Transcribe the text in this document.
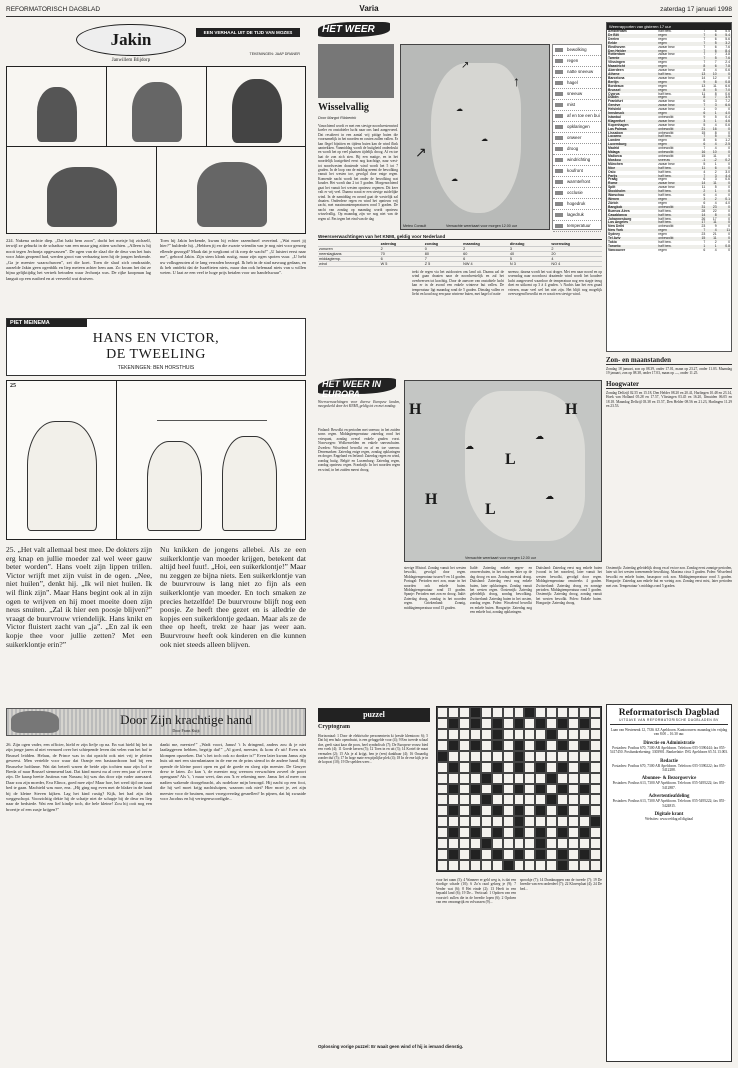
REFORMATORISCH DAGBLAD	Varia	zaterdag 17 januari 1998
Jakin
Janwillem Blijdorp
EEN VERHAAL UIT DE TIJD VAN MOZES
TEKENINGEN: JAAP DRANER
224. Nakena rachtte diep. „Dat hakt hem zoon”, dacht het meisje bij zichzelf, terwijl ze gehurkt in de schaduw van een muur ging zitten wachten. „Alleen is hij nooit tegen Jechonja opgewassen”. De ogen van de slaaf die de deur van het huis voor Jakin geopend had, werden groot van verbazing toen hij de jongen herkende. „Ga je meester waarschuwen”, zei die koet. Toen de slaaf zich omdraaide, aarzelde Jakin geen ogenblik en liep meteen achter hem aan. Zo kwam het dat ze bijna gelijktijdig het vertrek betraden waar Jechonja was. De rijke koopman lag languit op een rustbed en at verveeld wat druiven.
Toen hij Jakin herkende, kwam hij echter razendsnel overeind. „Wat moet jij hier?” bulderde hij. „Hebben jij en die zwarte vriendin van je nog niet voor genoeg ellende gezorgd? Maak dat je wegkomt of ik roep de wacht!” „U luistert eerst naar me”, gebood Jakin. Zijn stem klonk rustig, maar zijn ogen spoten vuur. „U hebt uw volksgenoten al te lang verraden bezorgd. Ik heb in de stad navraag gedaan, en ik heb ontdekt dat de Israëlieten niets, maar dan ook helemaal niets van u willen weten. U laat ze een veel te hoge prijs betalen voor uw handelswaar”.
PIET MEINEMA
HANS EN VICTOR,
DE TWEELING
TEKENINGEN: BEN HORSTHUIS
25
25. „Het valt allemaal best mee. De dokters zijn erg knap en jullie moeder zal wel weer gauw beter worden”. Hans voelt zijn lippen trillen. Victor wrijft met zijn vuist in de ogen. „Nee, niet huilen”, denkt hij. „Ik wil niet huilen. Ik wil flink zijn”. Maar Hans begint ook al in zijn ogen te wrijven en hij moet moeite doen zijn neus snuiten. „Zal ik hier een poosje blijven?” vraagt de buurvrouw vriendelijk. Hans knikt en Victor fluistert zacht van „ja”. „En zal ik een kopje thee voor jullie zetten? Met een suikerklontje erin?”
Nu knikken de jongens allebei. Als ze een suikerklontje van moeder krijgen, betekent dat altijd heel fuut!. „Hoi, een suikerklontje!” Maar nu zeggen ze bijna niets. Een suikerklontje van de buurvrouw is lang niet zo fijn als een suikerklontje van moeder. En toch smaken ze precies hetzelfde! De buurvrouw blijft nog een poosje. Ze heeft thee gezet en is alledrie de kopjes een suikerklontje gedaan. Maar als ze de thee op heeft, trekt ze haar jas weer aan. Buurvrouw heeft ook kinderen en die kunnen ook niet steeds alleen blijven.
Door Zijn krachtige hand
Door Frans Kuijt
26. Zijn ogen vader, een officier, hield er zijn liefje op na. En wat hield hij het in zijn jonge jaren al niet vermoed over het schiepende leven dat velen van het hof te Brussel leidden. Helaas, de Prince was in dat opzicht ook niet vrij te pleiten geweest. Men vertelde voor waar dat Oranje een bastaardzoon had bij een Brusselse hofdame. Wat dat betreft waren de beide zijn tochten naar zijn hof te Breda of naar Brussel stemmend laat. Dat kind moest nu al over een jaar of zeven zijn. De kaasp heette Justinus van Nassau; hij was dus door zijn vader aanvaard. Daar zou zijn moeder, Eva Elincx, goed mee zijn! Maar hoe, het werd tijd om naar bed te gaan. Machteld was moe, enz. „Hij ging nog even met de blaker in de hand bij de kleine Steven kijken. Lag het kind rustig? Kijk, het had zijn dek weggeschopt. Voorzichtig dekte hij de schatje niet de schapje bij de deur en liep naar de bedstede. Wat een lief kindje toch, die hele kleine! Zou hij ooit nog een broertje of een zusje krijgen?”
dankt me, meester!” „Wadt voort, Janus! 't Is dringend, anders zou ik je niet laatlaggeven hebben, begrijp dat!” „Al goed, meester, ik kom d'r uit! Even m'n klompen opzoeken. Dat 's het toch ook zo donker is!” Even later kwam Janus zijn huis uit met een stormlantaarn in de ene en de prins stemd in de andere hand. Hij opende de kleine poort open en gaf de goede en sloeg zijn meester. De Geuyer drew te laten. Zo kan 't, de meester nog weerom verwachten zoveel de poort opengaan? Als 't, 't maar weet, dan zou 'k er rekening mee. Janus liet al meer om nadien wakende doorgebracht, als nodeloze mijn bezorgd. Hij nacht op een fooi, die hij wel moet krijg nachtsluipen, waarom ook niet? Hier moet je, zei zijn meester voor de bruinen, moet vroegoverdag gesnellen? In pijnen, dat hij zwaaide voor Jacobus en hij vertegenwoordigde...
HET WEER
Wisselvallig
Door Margot Ribberink
Vanochtend wordt er met een stevige noordwestenwind koeler en onstabieler lucht naar ons land aangevoerd. Dat resulteert in een aantal vrij pittige buien die voornamelijk in het noorden en oosten zullen vallen. Er kan flegel bijzitten en tijdens buien kan de wind flink aantrekken. Vanmiddag wordt de buiigheid onderdrukt en wordt het op veel plaatsen tijdelijk droog. Af en toe laat de zon zich zien. Bij een matige, en in het noordelijk kustgebied eerst nog krachtige, naar west- tot noordwesten draaiende wind wordt het 5 tot 7 graden. In de loop van de middag neemt de bewolking vanuit het westen toe, gevolgd door enige regen. Komende nacht wordt het onder de bewolking wat kouder. Het wordt dan 2 tot 5 graden. Morgenochtend gaat het vanuit het westen opnieuw regenen. Dit keer valt er vrij veel. Daarna waait er een stevige zuidelijke wind. In de namiddag en avond gaat de westelijk zal draaien. Onderdeze regen en wind het opnieuw vrij zacht, met maximumtemperaturen rond 5 graden. De nacht van zondag op maandag wordt opnieuw wisselvallig. Op maandag zijn we nog niet van de regen af. Pas tegen het eind van de dag
↗
↑
↗
☁
☁
☁
Meteo Consult	Verwachte weerkaart voor morgen 12.00 uur
bewolking
regen
natte sneeuw
hagel
sneeuw
mist
af en toe een bui
opklaringen
onweer
droog
windrichting
koufront
warmtefront
occlusie
hogedruk
lagedruk
temperatuur
Weersverwachtingen van het KNMI, geldig voor Nederland
	zaterdag	zondag	maandag	dinsdag	woensdag
zonuren	2	0	2	3	2
neerslagkans	70	80	60	40	20
middagtemp.	6	7	6	5	4
wind	W 5	Z 5	NW 4	N 3	NO 4
trekt de regen via het zuidoosten ons land uit. Daarna zal de wind gaan draaien naar de noordwestelijk en zal het overheersen tot krachtig. Door de aanvoer van onstabiele lucht kan er in de avond een enkele winterse bui vallen. De temperatuur ligt maandag rond de 5 graden. Dinsdag vallen er liefst en koud nog een paar winterse buien, met hagel of natte
sneeuw, daarna wordt het wat droger. Met een naar noord en op woensdag naar noordoost draaiende wind wordt het koudere lucht aangevoerd waardoor de temperatuur nog een stapje terug doet en uitkomt op 3 à 4 graden. 's Nachts kan het een graad vriezen, maar veel wel het niet zijn. Het blijft nog mogelijk overwegend bewolkt en er waait een stevige wind.
Weerrapporten van gisteren 17 uur
Amsterdam	half bew.	7	6	5.5
De Bilt	regen	7	6	5.4
Deelen	regen	7	6	5.6
Eelde	regen	7	5	3.2
Eindhoven	zwaar bew.	7	6	7.6
Den Helder	regen	7	6	8.4
Rotterdam	zwaar bew.	7	7	3.8
Twente	regen	7	5	7.6
Vlissingen	regen	7	7	2.4
Maastricht	regen	8	6	7.8
Aberdeen	zwaar bew.	8	4	0.6
Athene	half bew.	13	10	0
Barcelona	zwaar bew.	14	12	0
Berlijn	regen	9	8	0.8
Bordeaux	regen	13	11	6.6
Brussel	regen	8	5	7.0
Cyprus	half bew.	11	8	0.6
Dublin	regen	8	7	3.9
Frankfurt	zwaar bew.	6	3	7.2
Genève	zwaar bew.	7	3	6.6
Helsinki	zwaar bew.	1	0	0
Innsbruck	regen	6	1	4.0
Istanbul	onbewolkt	9	5	0.4
Klagenfurt	zwaar bew.	3	1	4.6
Kopenhagen	zwaar bew.	5	4	0.6
Las Palmas	onbewolkt	21	16	0
Lissabon	onbewolkt	15	8	0
Locarno	half bew.	7	5	0
Londen	regen	8	6	1.2
Luxemburg	regen	6	4	2.5
Madrid	onbewolkt	7	4	0
Málaga	onbewolkt	16	10	0
Mallorca	onbewolkt	15	11	0
Moskou	sneeuw	-1	-2	0.2
München	zwaar bew.	5	1	0
Nice	half bew.	11	6	0
Oslo	half bew.	4	2	3.0
Parijs	half bew.	7	3	4.4
Praag	regen	6	3	0.6
Rome	zwaar bew.	14	11	0
Split	zwaar bew.	11	5	0
Stockholm	half bew.	2	1	0
Warschau	half bew.	6	4	0
Wenen	regen	3	2	0.1
Zürich	regen	6	4	4.0
Bangkok	onbewolkt	31	23	0
Buenos Aires	half bew.	28	22	0
Casablanca	half bew.	14	8	0
Johannesburg	half bew.	26	17	0
Los Angeles	half bew.	17	11	0
New Delhi	onbewolkt	23	9	0
New York	regen	7	4	11
Sydney	regen	23	21	0
Tel Aviv	onbewolkt	15	11	0
Tokio	half bew.	7	2	0
Toronto	half bew.	1	1	0.8
Vancouver	regen	6	4	0
Zon- en maanstanden
Zondag 18 januari, zon op 08.39, onder 17.01, maan op 23.27, onder 11.03. Maandag 19 januari, zon op 08.38, onder 17.03, maan op —, onder 11.25.
Hoogwater
Zondag Delfzijl 02.55 en 15.18, Den Helder 08.20 en 20.41, Harlingen 10.48 en 23.14, Hoek van Holland 05.28 en 17.57, Vlissingen 03.45 en 16.20, IJmuiden 06.05 en 18.18. Maandag Delfzijl 03.38 en 15.57, Den Helder 08.56 en 21.23, Harlingen 11.29 en 23.53.
HET WEER IN EUROPA
Weersverwachtingen voor diverse Europese landen, meegedeeld door het KNMI, geldig tot en met zondag:
Finland: Bewolkt en perioden met sneeuw, in het zuiden soms regen. Middagtemperatuur zaterdag rond het vriespunt, zondag overal enkele graden vorst. Noorwegen: Wolkenvelden en enkele sneeuwbuien. Zweden: Wisselend bewolkt en af en toe sneeuw. Denemarken: Zaterdag enige regen, zondag opklaringen en droger. Engeland en Ierland: Zaterdag regen en wind, zondag buiig. België en Luxemburg: Zaterdag regen, zondag opnieuw regen. Frankrijk: In het noorden regen en wind, in het zuiden meest droog.
H	H
L
H
L
☁
☁
☁
Verwachte weerkaart voor morgen 12.00 uur
stevige Mistral. Zondag vanuit het westen bewolkt, gevolgd door regen. Middagtemperatuur tussen 9 en 14 graden. Portugal: Perioden met zon, maar in het noorden ook enkele buien. Middagtemperatuur rond 15 graden. Spanje: Perioden met zon en droog. Italië: Zaterdag droog, zondag in het noorden regen. Griekenland: Zonnig, middagtemperatuur rond 15 graden.
Italië: Zaterdag enkele regen- en onweersbuien, in het noorden later op de dag droog en zon. Zondag meestal droog. Duitsland: Zaterdag eerst nog enkele buien, later opklaringen. Zondag vanuit het westen regen. Oostenrijk: Zaterdag geleidelijk droog, zondag bewolking. Zwitserland: Zaterdag buien in het oosten, zondag regen. Polen: Wisselend bewolkt en enkele buien. Hongarije: Zaterdag nog een enkele bui, zondag opklaringen.
Duitsland: Zaterdag eerst nog enkele buien (vooral in het noorden), later vanuit het westen bewolkt, gevolgd door regen. Middagtemperatuur omstreeks 4 graden. Zwitserland: Zaterdag droog en zonnige perioden. Middagtemperatuur rond 5 graden. Oostenrijk: Zaterdag droog, zondag vanuit het westen bewolkt. Polen: Enkele buien. Hongarije: Zaterdag droog.
Oostenrijk: Zaterdag geleidelijk droog en af en toe zon. Zondag eerst zonnige perioden, later uit het westen toenemende bewolking. Maxima circa 3 graden. Polen: Wisselend bewolkt en enkele buien, basaspoor ook zon. Middagtemperatuur rond 3 graden. Hongarije: Zaterdag aan enkele bui en weinig zon. Zondag eerst mist, later perioden met zon. Temperatuur 's middags rond 5 graden.
puzzel
Cryptogram
Horizontaal: 1 Door de elektrische personentrein ki (zesde klemtoon: 6); 5 Dat hij een hulo opendruist, is een gefuggelde voor (4); 9 Een tweede schaal doe, geeft staat kaar die poos, heel symbolisch (7); De Europese vrouw bied een voek (4); 11 Goede kersen (5); 12 Toen in en uit (3); 14 Kortel de maat vermalen (2); 15 Als je al krijgt, ben je (een) dankbaar (4); 16 Onaardig zonder duf (5); 17 In hoge mate een pijnlijke plek (4); 18 In de ene kijk je in de kopvat (10); 19 De spelden weer...
voor het raam (5); 4 Wanneer er geld weg is, is dat een slordige schade (10); 6 Zo'n raad gekreg je (9); 7 Verder wat (6); 8 Het einde (2); 13 Heeft in een bepaald land (6); 19 De... Verticaal: 1 Opdoen van een voorstel: zullen die in de breedte lopen (6); 2 Opdoen van een omvangrijk en volwassen (9)...
sprookje (7); 14 Dranknappen van de tweede (7); 19 De breedte van een onderdeel (7); 22 Klaverplaat (4); 24 De bed...
Oplossing vorige puzzel: Er waait geen wind of hij is iemand dienstig.
Reformatorisch Dagblad
UITGAVE VAN REFORMATORISCHE DAGBLADEN BV
Laan van Westenenk 12, 7336 AZ Apeldoorn. Kantooruren: maandag t/m vrijdag van 8.00 – 16.30 uur.
Directie en Administratie
Postadres: Postbus 670, 7300 AR Apeldoorn. Telefoon: 055-5390444; fax 055-5417450. Postbankrekening: 3303901. Bankrelatie: ING Apeldoorn 65.51.13.003.
Redactie
Postadres: Postbus 670, 7300 AR Apeldoorn. Telefoon: 055-5390222; fax 055-5412288.
Abonnee- & Bezorgservice
Postadres: Postbus 613, 7300 AP Apeldoorn. Telefoon: 055-5495222; fax 055-5412887.
Advertentieafdeling
Postadres: Postbus 613, 7300 AP Apeldoorn. Telefoon: 055-5495222; fax 055-5424815.
Digitale krant
Websites: www.refdag.nl/digitaal
